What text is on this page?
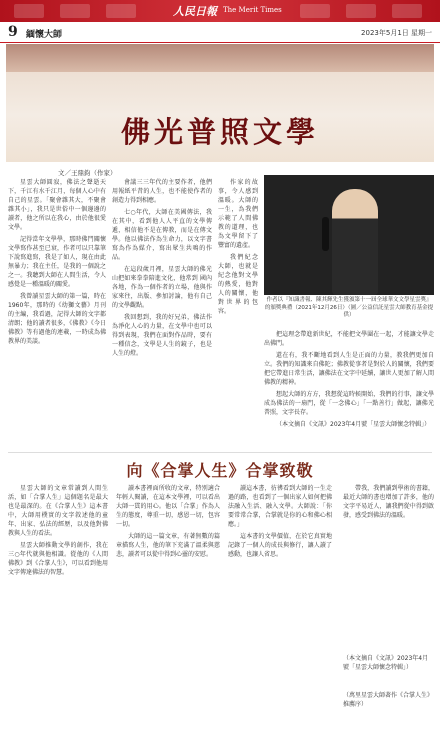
人民日報 The Merit Times
9 緬懷大師	2023年5月1日 星期一
佛光普照文學
文／王鼎鈞（作家）

星雲大師圓寂，佛法之聲逝天下，千江有水千江月，每個人心中有自己的星雲。「聚會雜其大，不聚會雜其小」，我只是世俗中一個邊邊的讀者，他之所以在我心，由於他很愛文學。

記得當年文學學，那時佛門關懷文學寫作甚至已衰，作者可以只靠筆下說寫進寫，我是了如人，現在由此無暴力；我在主任，是我的一個說之之一。我聽到大師在人間生活，令人感覺是一種溫暖的關愛。

我曾讀星雲大師的第一篇，時在1960年，那時的《幼獅文藝》月刊的主編，我看過，記得大師的文字都清朗；他的讀者很多，《佛教》《今日佛教》等有過他的連載，一時成為佛教界的美談。

會議三三年代的主要作者，他們用報紙平昔的人生，也不能使作者的創造力得到相應。

七○年代，大師在美國傳法，我在其中，看到他人人平直的文學傳遞，相信他不是在傳教，而是在傳文學。他以佛法作為生命力，以文字書寫為作為媒介，寫出眾生共鳴的作品。

在這段歲月裡，星雲大師的佛光山把如來拳拳陪進文化，他常到 國內各地，作為一個作者的立場，他與作家來往，出版、參加討論，他有自己的文學觀點。

我回想到，我的好兄弟，佛法作為淨化人心的力量，在文學中也可以得到表現，我們在面對作品時，要有一種信念，文學是人生的鏡子，也是人生的燈。

作家的故事，令人感到溫暖。大師的一生，為我們示範了人間佛教的道理，也為文學留下了豐富的遺產。

我們紀念大師，也就是紀念他對文學的熱愛，他對人的關懷，他對世界的包容。

作者以『知識書報、陳其輝先生獲頒第十一屆全球華文文學星雲獎』的頒獎典禮（2021年12月26日）（圖／公益信託星雲大師教育基金提供）

把這理念帶進新世紀，不能把文學圍在一起，才能讓文學走出佛門。

還在有，我不斷地看到人生是正面的力量，教我們更加自立。我們的知識來自佛陀；佛教從事者是對於人的關懷，我們要把它帶進日常生活，讓佛法在文字中延續，讓世人更加了解人間佛教的精神。

想起大師的方方，我想從這時候開始，我們的行事，讓文學成為佛法的一扇門，從「一念佛心」「一點善行」做起，讓佛光普照，文字長存。

（本文摘自《文訊》2023年4月號「星雲大師懷念特輯」）

向《合掌人生》合掌致敬

星雲大師的文章常讀到人間生活，如「合掌人生」這個題名是最大也是最深的。在《合掌人生》這本書中，大師用樸實的文字敘述他的童年、出家、弘法的經歷，以及他對佛教與人生的看法。

星雲大師推動文學的創作，我在三○年代就與他相識。從他的《人間佛教》到《合掌人生》，可以看到他用文字傳達佛法的智慧。

讀本書裡面所收的文章，特別適合年輕人閱讀，在這本文學裡，可以看出大師一貫的用心。他以「合掌」作為人生的態度，尊重一切，感恩一切，包容一切。

大師的這一篇文章，有著無數的篇章描寫人生，他的筆下充滿了溫柔與慈悲，讀者可以從中得到心靈的安慰。

讀這本書，彷彿看到大師的一生走過的路，也看到了一個出家人如何把佛法融入生活、融入文學。大師說：「你要常常合掌，合掌就是你的心和佛心相應。」

這本書的文學價值，在於它真實地記錄了一個人的成長與修行，讓人讀了感動，也讓人省思。

帶我，我們讀到學術的書籍，最近大師的書也增加了許多，他的文字平易近人，讓我們從中得到啟發，感受到佛法的溫暖。

（本文摘自《文訊》2023年4月號「星雲大師懷念特輯」）
（萬里星雲大師著作《合掌人生》推薦序）
